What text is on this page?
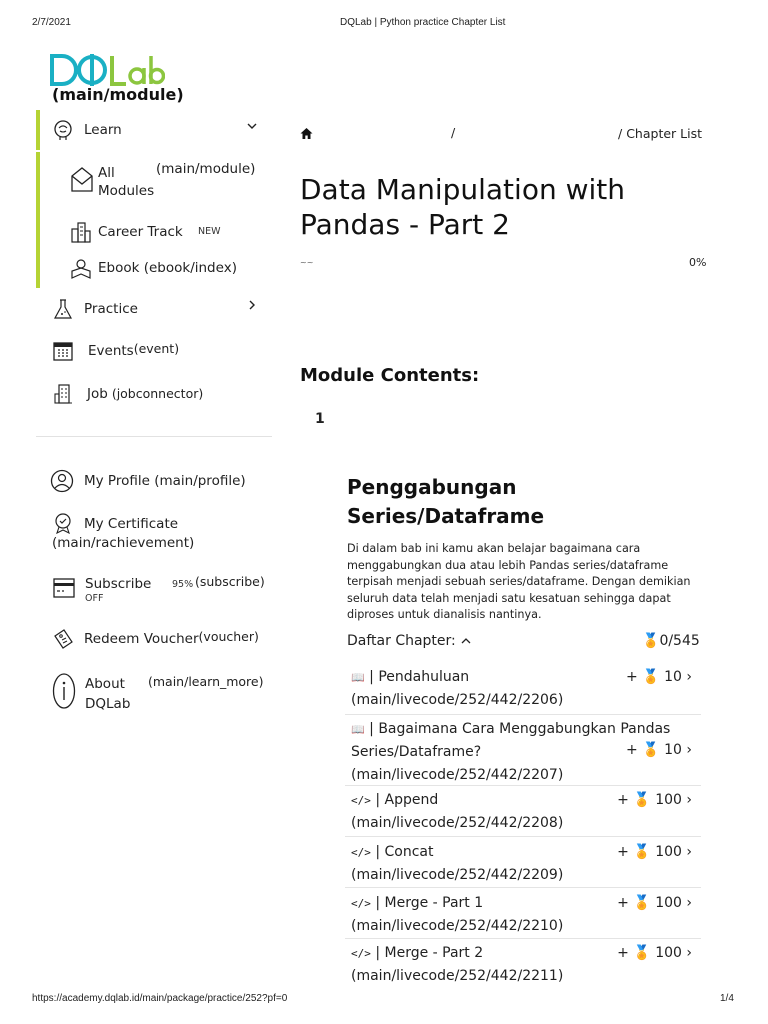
2/7/2021	DQLab | Python practice Chapter List
(main/module)
Learn
All
Modules
(main/module)
Career Track NEW
Ebook (ebook/index)
Practice
Events (event)
Job (jobconnector)
My Profile (main/profile)
My Certificate
(main/rachievement)
Subscribe
OFF
95% (subscribe)
Redeem Voucher (voucher)
About
DQLab
(main/learn_more)
/	/ Chapter List
Data Manipulation with Pandas - Part 2
~~	0%
Module Contents:
1
Penggabungan Series/Dataframe
Di dalam bab ini kamu akan belajar bagaimana cara menggabungkan dua atau lebih Pandas series/dataframe terpisah menjadi sebuah series/dataframe. Dengan demikian seluruh data telah menjadi satu kesatuan sehingga dapat diproses untuk dianalisis nantinya.
Daftar Chapter:	🏅0/545
📖 | Pendahuluan
(main/livecode/252/442/2206)
+ 🏅 10 ›
📖 | Bagaimana Cara Menggabungkan Pandas Series/Dataframe?
(main/livecode/252/442/2207)
+ 🏅 10 ›
</> | Append
(main/livecode/252/442/2208)
+ 🏅 100 ›
</> | Concat
(main/livecode/252/442/2209)
+ 🏅 100 ›
</> | Merge - Part 1
(main/livecode/252/442/2210)
+ 🏅 100 ›
</> | Merge - Part 2
(main/livecode/252/442/2211)
+ 🏅 100 ›
https://academy.dqlab.id/main/package/practice/252?pf=0	1/4
